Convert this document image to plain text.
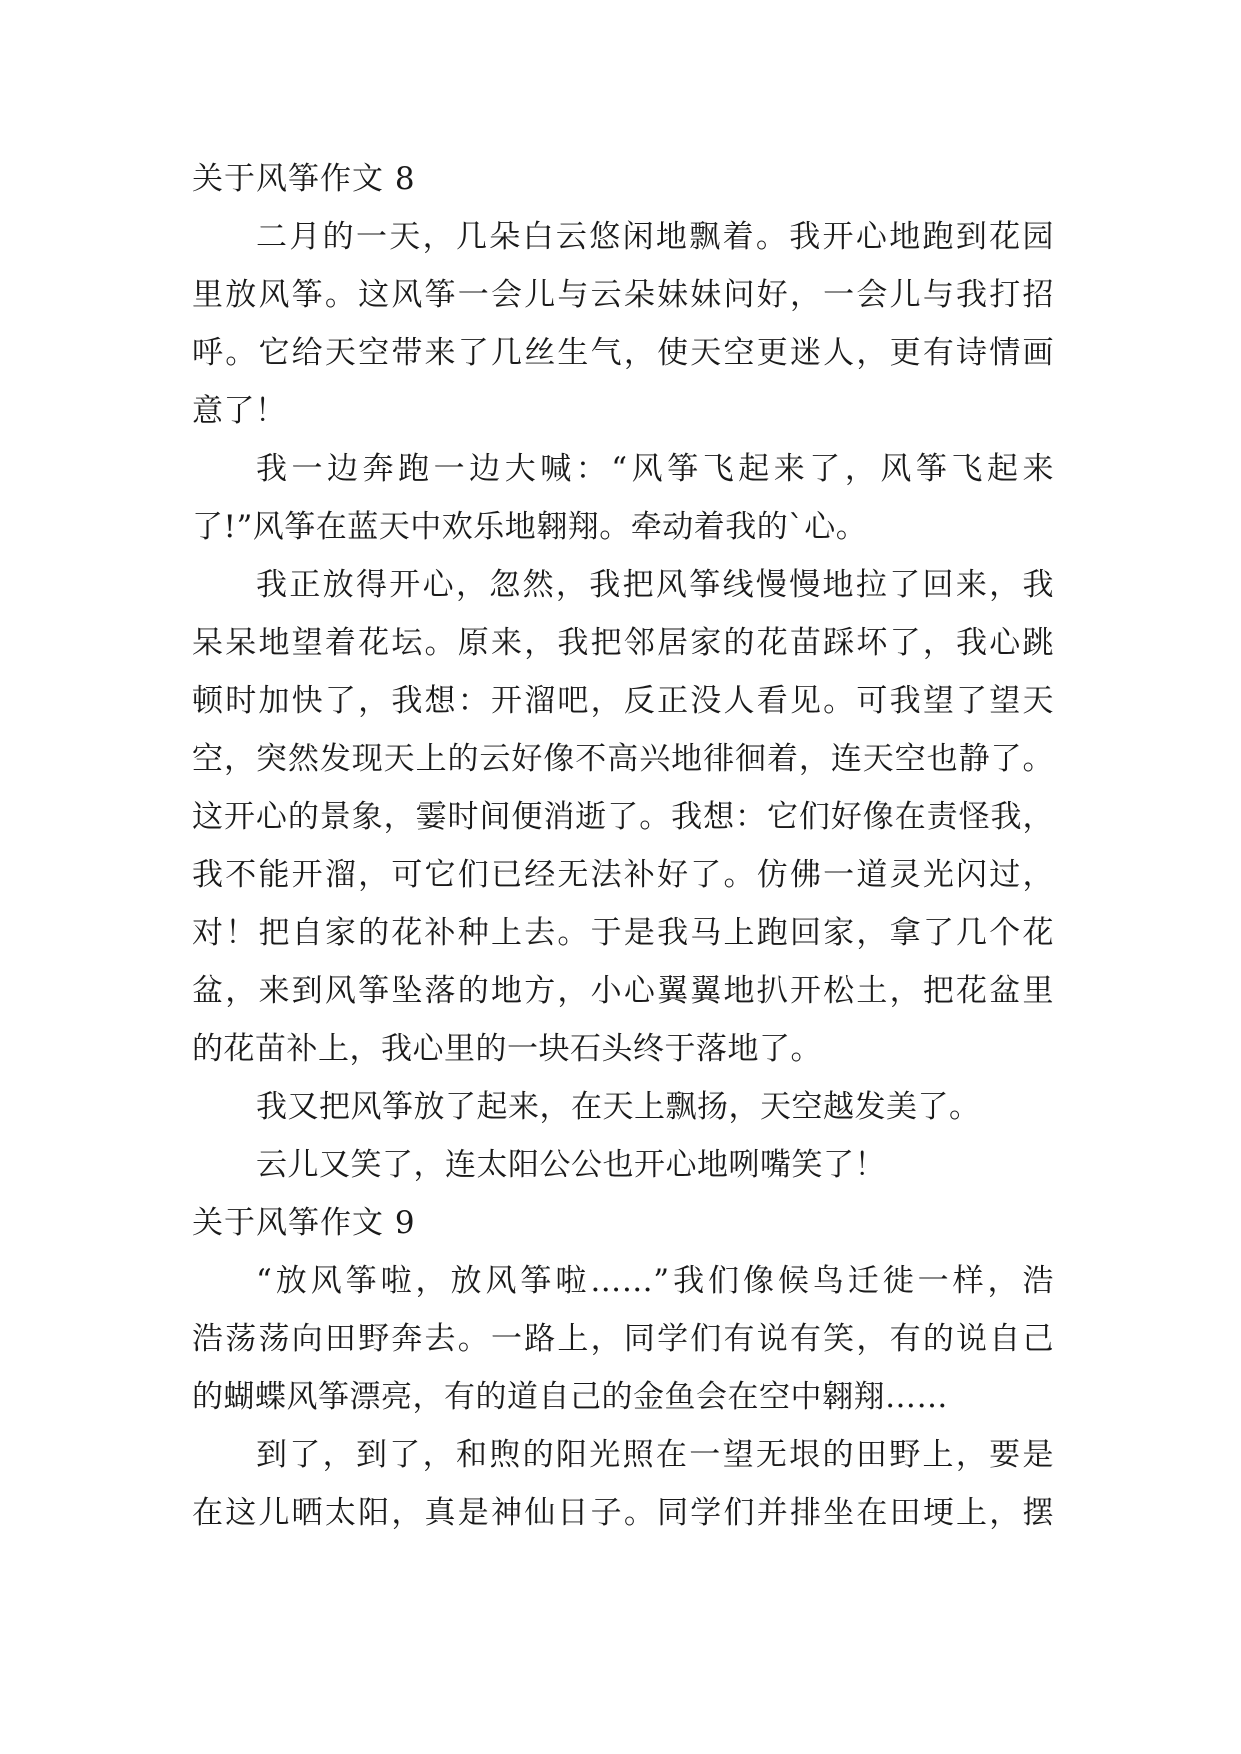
关于风筝作文 8
二月的一天，几朵白云悠闲地飘着。我开心地跑到花园
里放风筝。这风筝一会儿与云朵妹妹问好，一会儿与我打招
呼。它给天空带来了几丝生气，使天空更迷人，更有诗情画
意了！
我一边奔跑一边大喊：“风筝飞起来了，风筝飞起来
了!”风筝在蓝天中欢乐地翱翔。牵动着我的`心。
我正放得开心，忽然，我把风筝线慢慢地拉了回来，我
呆呆地望着花坛。原来，我把邻居家的花苗踩坏了，我心跳
顿时加快了，我想：开溜吧，反正没人看见。可我望了望天
空，突然发现天上的云好像不高兴地徘徊着，连天空也静了。
这开心的景象，霎时间便消逝了。我想：它们好像在责怪我，
我不能开溜，可它们已经无法补好了。仿佛一道灵光闪过，
对！把自家的花补种上去。于是我马上跑回家，拿了几个花
盆，来到风筝坠落的地方，小心翼翼地扒开松土，把花盆里
的花苗补上，我心里的一块石头终于落地了。
我又把风筝放了起来，在天上飘扬，天空越发美了。
云儿又笑了，连太阳公公也开心地咧嘴笑了！
关于风筝作文 9
“放风筝啦，放风筝啦……”我们像候鸟迁徙一样，浩
浩荡荡向田野奔去。一路上，同学们有说有笑，有的说自己
的蝴蝶风筝漂亮，有的道自己的金鱼会在空中翱翔……
到了，到了，和煦的阳光照在一望无垠的田野上，要是
在这儿晒太阳，真是神仙日子。同学们并排坐在田埂上，摆
